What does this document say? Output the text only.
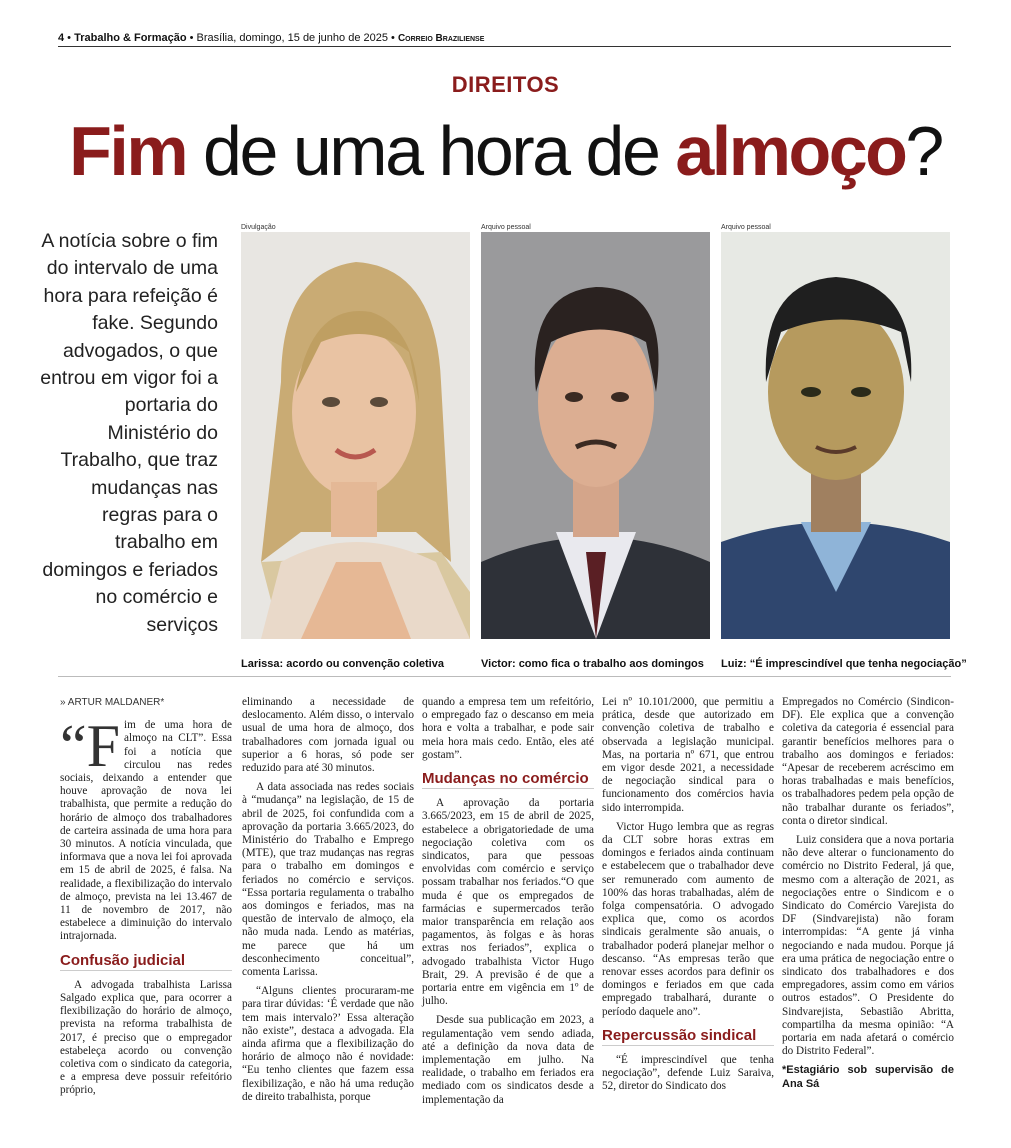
4 • Trabalho & Formação • Brasília, domingo, 15 de junho de 2025 • Correio Braziliense
DIREITOS
Fim de uma hora de almoço?
A notícia sobre o fim do intervalo de uma hora para refeição é fake. Segundo advogados, o que entrou em vigor foi a portaria do Ministério do Trabalho, que traz mudanças nas regras para o trabalho em domingos e feriados no comércio e serviços
Divulgação
Larissa: acordo ou convenção coletiva
Arquivo pessoal
Victor: como fica o trabalho aos domingos
Arquivo pessoal
Luiz: “É imprescindível que tenha negociação”
» ARTUR MALDANER*
“F im de uma hora de almoço na CLT”. Essa foi a notícia que circulou nas redes sociais, deixando a entender que houve aprovação de nova lei trabalhista, que permite a redução do horário de almoço dos trabalhadores de carteira assinada de uma hora para 30 minutos. A notícia vinculada, que informava que a nova lei foi aprovada em 15 de abril de 2025, é falsa. Na realidade, a flexibilização do intervalo de almoço, prevista na lei 13.467 de 11 de novembro de 2017, não estabelece a diminuição do intervalo intrajornada.

Confusão judicial

A advogada trabalhista Larissa Salgado explica que, para ocorrer a flexibilização do horário de almoço, prevista na reforma trabalhista de 2017, é preciso que o empregador estabeleça acordo ou convenção coletiva com o sindicato da categoria, e a empresa deve possuir refeitório próprio,

eliminando a necessidade de deslocamento. Além disso, o intervalo usual de uma hora de almoço, dos trabalhadores com jornada igual ou superior a 6 horas, só pode ser reduzido para até 30 minutos.

A data associada nas redes sociais à “mudança” na legislação, de 15 de abril de 2025, foi confundida com a aprovação da portaria 3.665/2023, do Ministério do Trabalho e Emprego (MTE), que traz mudanças nas regras para o trabalho em domingos e feriados no comércio e serviços. “Essa portaria regulamenta o trabalho aos domingos e feriados, mas na questão de intervalo de almoço, ela não muda nada. Lendo as matérias, me parece que há um desconhecimento conceitual”, comenta Larissa.

“Alguns clientes procuraram-me para tirar dúvidas: ‘É verdade que não tem mais intervalo?’ Essa alteração não existe”, destaca a advogada. Ela ainda afirma que a flexibilização do horário de almoço não é novidade: “Eu tenho clientes que fazem essa flexibilização, e não há uma redução de direito trabalhista, porque

quando a empresa tem um refeitório, o empregado faz o descanso em meia hora e volta a trabalhar, e pode sair meia hora mais cedo. Então, eles até gostam”.

Mudanças no comércio

A aprovação da portaria 3.665/2023, em 15 de abril de 2025, estabelece a obrigatoriedade de uma negociação coletiva com os sindicatos, para que pessoas envolvidas com comércio e serviço possam trabalhar nos feriados.“O que muda é que os empregados de farmácias e supermercados terão maior transparência em relação aos pagamentos, às folgas e às horas extras nos feriados”, explica o advogado trabalhista Victor Hugo Brait, 29. A previsão é de que a portaria entre em vigência em 1º de julho.

Desde sua publicação em 2023, a regulamentação vem sendo adiada, até a definição da nova data de implementação em julho. Na realidade, o trabalho em feriados era mediado com os sindicatos desde a implementação da

Lei nº 10.101/2000, que permitiu a prática, desde que autorizado em convenção coletiva de trabalho e observada a legislação municipal. Mas, na portaria nº 671, que entrou em vigor desde 2021, a necessidade de negociação sindical para o funcionamento dos comércios havia sido interrompida.

Victor Hugo lembra que as regras da CLT sobre horas extras em domingos e feriados ainda continuam e estabelecem que o trabalhador deve ser remunerado com aumento de 100% das horas trabalhadas, além de folga compensatória. O advogado explica que, como os acordos sindicais geralmente são anuais, o trabalhador poderá planejar melhor o descanso. “As empresas terão que renovar esses acordos para definir os domingos e feriados em que cada empregado trabalhará, durante o período daquele ano”.

Repercussão sindical

“É imprescindível que tenha negociação”, defende Luiz Saraiva, 52, diretor do Sindicato dos

Empregados no Comércio (Sindicon-DF). Ele explica que a convenção coletiva da categoria é essencial para garantir benefícios melhores para o trabalho aos domingos e feriados: “Apesar de receberem acréscimo em horas trabalhadas e mais benefícios, os trabalhadores pedem pela opção de não trabalhar durante os feriados”, conta o diretor sindical.

Luiz considera que a nova portaria não deve alterar o funcionamento do comércio no Distrito Federal, já que, mesmo com a alteração de 2021, as negociações entre o Sindicom e o Sindicato do Comércio Varejista do DF (Sindvarejista) não foram interrompidas: “A gente já vinha negociando e nada mudou. Porque já era uma prática de negociação entre o sindicato dos trabalhadores e dos empregadores, assim como em vários outros estados”. O Presidente do Sindvarejista, Sebastião Abritta, compartilha da mesma opinião: “A portaria em nada afetará o comércio do Distrito Federal”.

*Estagiário sob supervisão de Ana Sá
